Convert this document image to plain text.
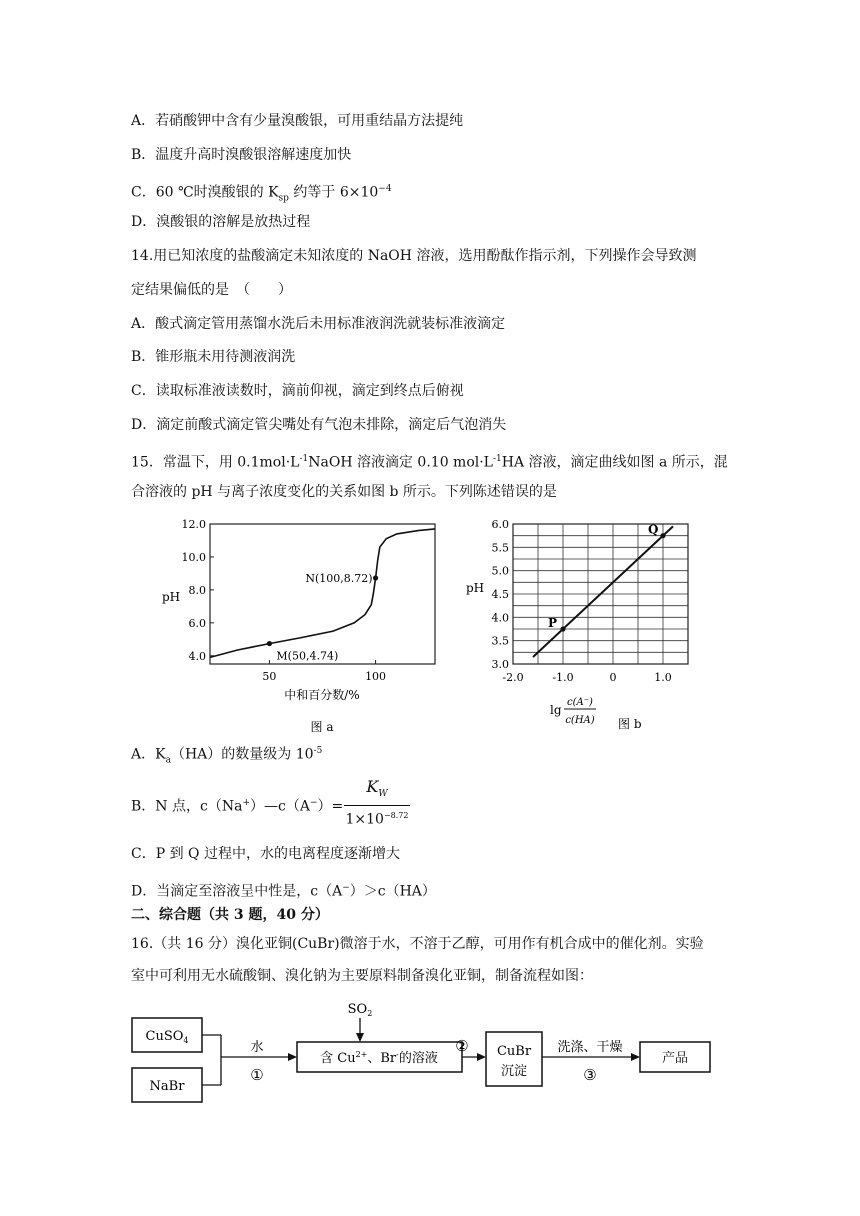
A．若硝酸钾中含有少量溴酸银，可用重结晶方法提纯
B．温度升高时溴酸银溶解速度加快
C．60 ℃时溴酸银的 $K_{sp}$ 约等于 $6\times 10^{-4}$
D．溴酸银的溶解是放热过程
14.用已知浓度的盐酸滴定未知浓度的 NaOH 溶液，选用酚酞作指示剂，下列操作会导致测
定结果偏低的是　（　　）
A．酸式滴定管用蒸馏水洗后未用标准液润洗就装标准液滴定
B．锥形瓶未用待测液润洗
C．读取标准液读数时，滴前仰视，滴定到终点后俯视
D．滴定前酸式滴定管尖嘴处有气泡未排除，滴定后气泡消失
15．常温下，用 $0.1mol\cdot L^{-1}NaOH$ 溶液滴定 0.10 $mol\cdot L^{-1}HA$ 溶液，滴定曲线如图 a 所示，混
合溶液的 pH 与离子浓度变化的关系如图 b 所示。下列陈述错误的是
4.0
6.0
8.0
10.0
12.0
50	100
M(50,4.74)
N(100,8.72)
pH
中和百分数/%
图 a
3.0
3.5
4.0
4.5
5.0
5.5
6.0
-2.0	-1.0	0	1.0
P
Q
pH
lg
c(A⁻)
c(HA) 图 b
A．$K_a(HA)$的数量级为 $10^{-5}$
B．N 点，c（Na+）—c（A−）=
$K_W$
$1\times 10^{-8.72}$
C．P 到 Q 过程中，水的电离程度逐渐增大
D．当滴定至溶液呈中性是，c（A−）＞c（HA）
二、综合题（共 3 题，40 分）
16.（共 16 分）溴化亚铜(CuBr)微溶于水，不溶于乙醇，可用作有机合成中的催化剂。实验
室中可利用无水硫酸铜、溴化钠为主要原料制备溴化亚铜，制备流程如图：
CuSO$_4$
NaBr
水
①
$SO_2$
含 $Cu^{2+}$、Br-的溶液
② CuBr
沉淀
洗涤、干燥
③
产品
